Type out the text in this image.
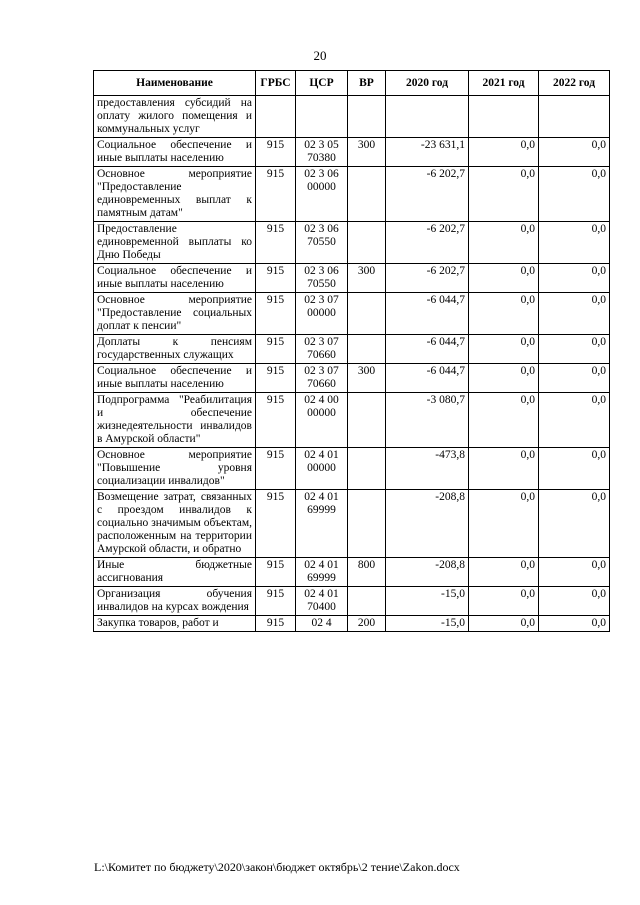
20
Наименование	ГРБС	ЦСР	ВР	2020 год	2021 год	2022 год
предоставления субсидий на оплату жилого помещения и коммунальных услуг						
Социальное обеспечение и иные выплаты населению	915	02 3 05 70380	300	-23 631,1	0,0	0,0
Основное мероприятие "Предоставление единовременных выплат к памятным датам"	915	02 3 06 00000		-6 202,7	0,0	0,0
Предоставление единовременной выплаты ко Дню Победы	915	02 3 06 70550		-6 202,7	0,0	0,0
Социальное обеспечение и иные выплаты населению	915	02 3 06 70550	300	-6 202,7	0,0	0,0
Основное мероприятие "Предоставление социальных доплат к пенсии"	915	02 3 07 00000		-6 044,7	0,0	0,0
Доплаты к пенсиям государственных служащих	915	02 3 07 70660		-6 044,7	0,0	0,0
Социальное обеспечение и иные выплаты населению	915	02 3 07 70660	300	-6 044,7	0,0	0,0
Подпрограмма "Реабилитация и обеспечение жизнедеятельности инвалидов в Амурской области"	915	02 4 00 00000		-3 080,7	0,0	0,0
Основное мероприятие "Повышение уровня социализации инвалидов"	915	02 4 01 00000		-473,8	0,0	0,0
Возмещение затрат, связанных с проездом инвалидов к социально значимым объектам, расположенным на территории Амурской области, и обратно	915	02 4 01 69999		-208,8	0,0	0,0
Иные бюджетные ассигнования	915	02 4 01 69999	800	-208,8	0,0	0,0
Организация обучения инвалидов на курсах вождения	915	02 4 01 70400		-15,0	0,0	0,0
Закупка товаров, работ и	915	02 4	200	-15,0	0,0	0,0
L:\Комитет по бюджету\2020\закон\бюджет октябрь\2 тение\Zakon.docx
